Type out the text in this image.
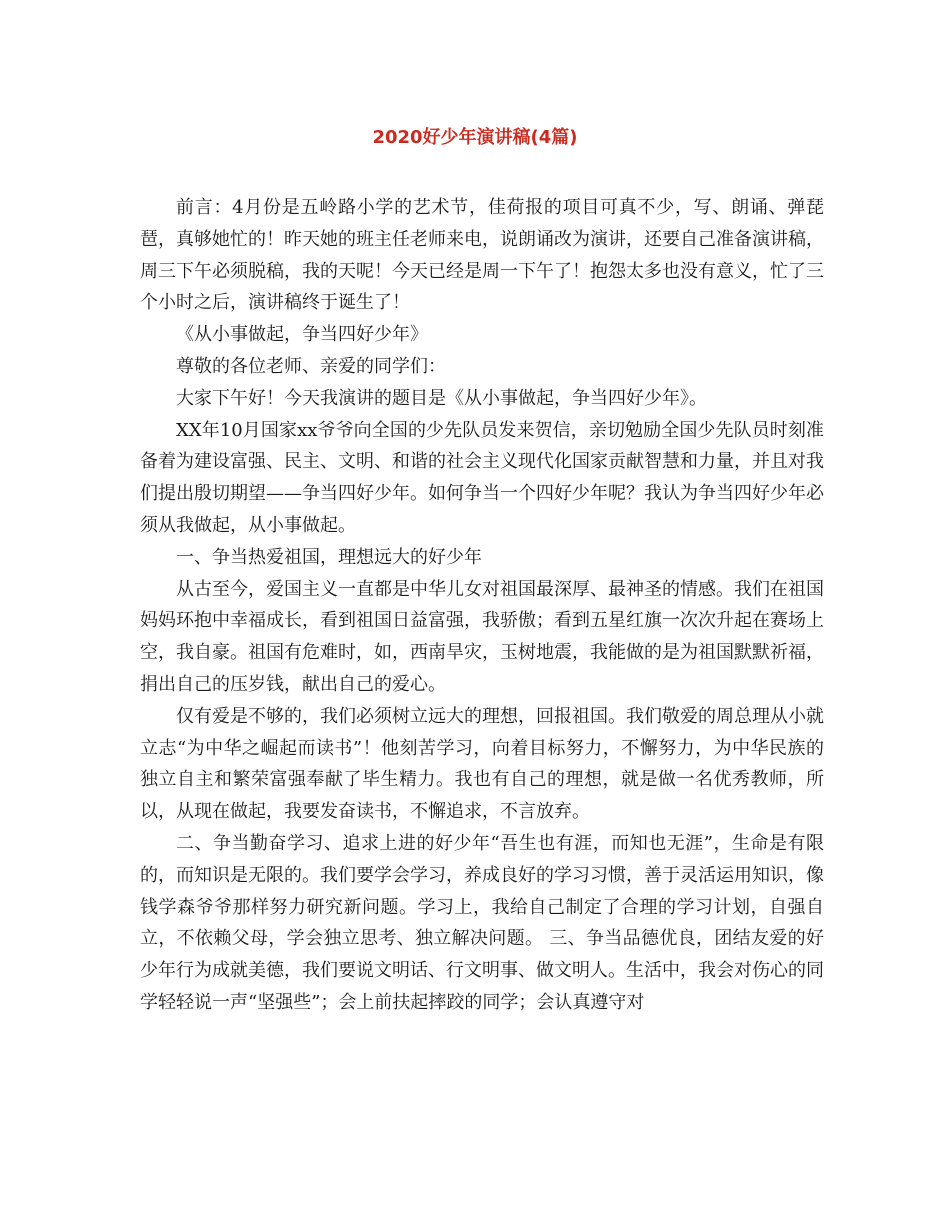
2020好少年演讲稿(4篇)

前言：4月份是五岭路小学的艺术节，佳荷报的项目可真不少，写、朗诵、弹琵琶，真够她忙的！昨天她的班主任老师来电，说朗诵改为演讲，还要自己准备演讲稿，周三下午必须脱稿，我的天呢！今天已经是周一下午了！抱怨太多也没有意义，忙了三个小时之后，演讲稿终于诞生了！

《从小事做起，争当四好少年》

尊敬的各位老师、亲爱的同学们：

大家下午好！今天我演讲的题目是《从小事做起，争当四好少年》。

XX年10月国家xx爷爷向全国的少先队员发来贺信，亲切勉励全国少先队员时刻准备着为建设富强、民主、文明、和谐的社会主义现代化国家贡献智慧和力量，并且对我们提出殷切期望——争当四好少年。如何争当一个四好少年呢？我认为争当四好少年必须从我做起，从小事做起。

一、争当热爱祖国，理想远大的好少年

从古至今，爱国主义一直都是中华儿女对祖国最深厚、最神圣的情感。我们在祖国妈妈环抱中幸福成长，看到祖国日益富强，我骄傲；看到五星红旗一次次升起在赛场上空，我自豪。祖国有危难时，如，西南旱灾，玉树地震，我能做的是为祖国默默祈福，捐出自己的压岁钱，献出自己的爱心。

仅有爱是不够的，我们必须树立远大的理想，回报祖国。我们敬爱的周总理从小就立志“为中华之崛起而读书”！他刻苦学习，向着目标努力，不懈努力，为中华民族的独立自主和繁荣富强奉献了毕生精力。我也有自己的理想，就是做一名优秀教师，所以，从现在做起，我要发奋读书，不懈追求，不言放弃。

二、争当勤奋学习、追求上进的好少年“吾生也有涯，而知也无涯”，生命是有限的，而知识是无限的。我们要学会学习，养成良好的学习习惯，善于灵活运用知识，像钱学森爷爷那样努力研究新问题。学习上，我给自己制定了合理的学习计划，自强自立，不依赖父母，学会独立思考、独立解决问题。 三、争当品德优良，团结友爱的好少年行为成就美德，我们要说文明话、行文明事、做文明人。生活中，我会对伤心的同学轻轻说一声“坚强些”；会上前扶起摔跤的同学；会认真遵守对
